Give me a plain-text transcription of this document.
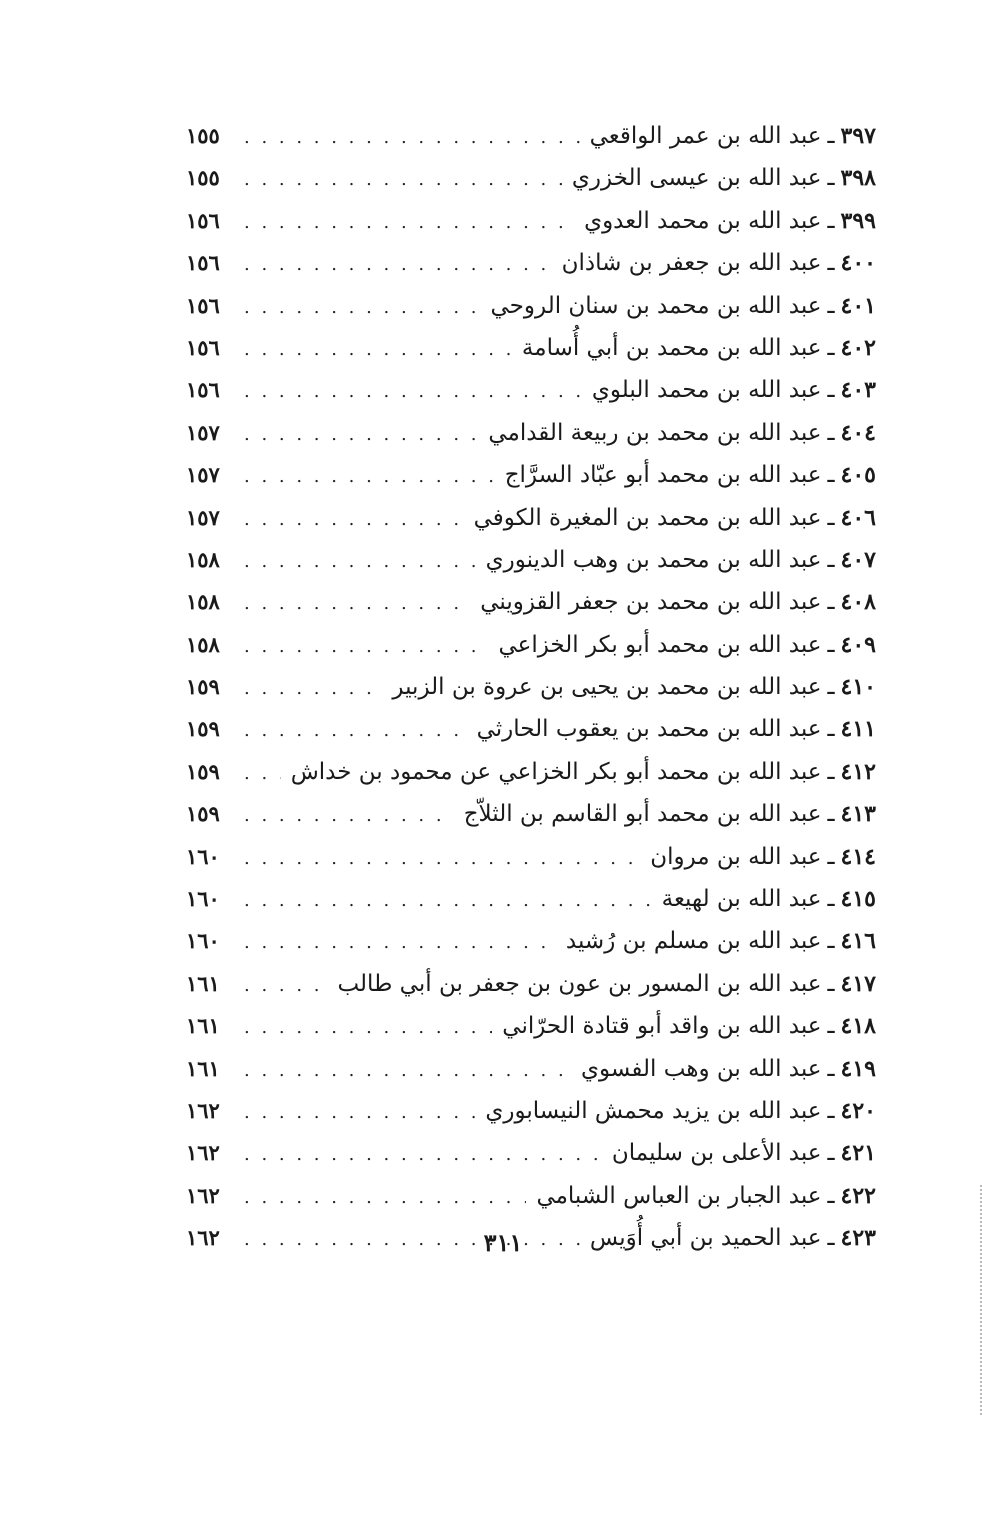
٣٩٧
ـ
عبد الله بن عمر الواقعي
. . .
١٥٥
٣٩٨
ـ
عبد الله بن عيسى الخزري
. . .
١٥٥
٣٩٩
ـ
عبد الله بن محمد العدوي
. . .
١٥٦
٤٠٠
ـ
عبد الله بن جعفر بن شاذان
. . .
١٥٦
٤٠١
ـ
عبد الله بن محمد بن سنان الروحي
. . .
١٥٦
٤٠٢
ـ
عبد الله بن محمد بن أبي أُسامة
. . .
١٥٦
٤٠٣
ـ
عبد الله بن محمد البلوي
. . .
١٥٦
٤٠٤
ـ
عبد الله بن محمد بن ربيعة القدامي
. . .
١٥٧
٤٠٥
ـ
عبد الله بن محمد أبو عبّاد السرَّاج
. . .
١٥٧
٤٠٦
ـ
عبد الله بن محمد بن المغيرة الكوفي
. . .
١٥٧
٤٠٧
ـ
عبد الله بن محمد بن وهب الدينوري
. . .
١٥٨
٤٠٨
ـ
عبد الله بن محمد بن جعفر القزويني
. . .
١٥٨
٤٠٩
ـ
عبد الله بن محمد أبو بكر الخزاعي
. . .
١٥٨
٤١٠
ـ
عبد الله بن محمد بن يحيى بن عروة بن الزبير
. . .
١٥٩
٤١١
ـ
عبد الله بن محمد بن يعقوب الحارثي
. . .
١٥٩
٤١٢
ـ
عبد الله بن محمد أبو بكر الخزاعي عن محمود بن خداش
. . .
١٥٩
٤١٣
ـ
عبد الله بن محمد أبو القاسم بن الثلاّج
. . .
١٥٩
٤١٤
ـ
عبد الله بن مروان
. . .
١٦٠
٤١٥
ـ
عبد الله بن لهيعة
. . .
١٦٠
٤١٦
ـ
عبد الله بن مسلم بن رُشيد
. . .
١٦٠
٤١٧
ـ
عبد الله بن المسور بن عون بن جعفر بن أبي طالب
. . .
١٦١
٤١٨
ـ
عبد الله بن واقد أبو قتادة الحرّاني
. . .
١٦١
٤١٩
ـ
عبد الله بن وهب الفسوي
. . .
١٦١
٤٢٠
ـ
عبد الله بن يزيد محمش النيسابوري
. . .
١٦٢
٤٢١
ـ
عبد الأعلى بن سليمان
. . .
١٦٢
٤٢٢
ـ
عبد الجبار بن العباس الشبامي
. . .
١٦٢
٤٢٣
ـ
عبد الحميد بن أبي أُوَيس
. . .
١٦٢	٣١١
